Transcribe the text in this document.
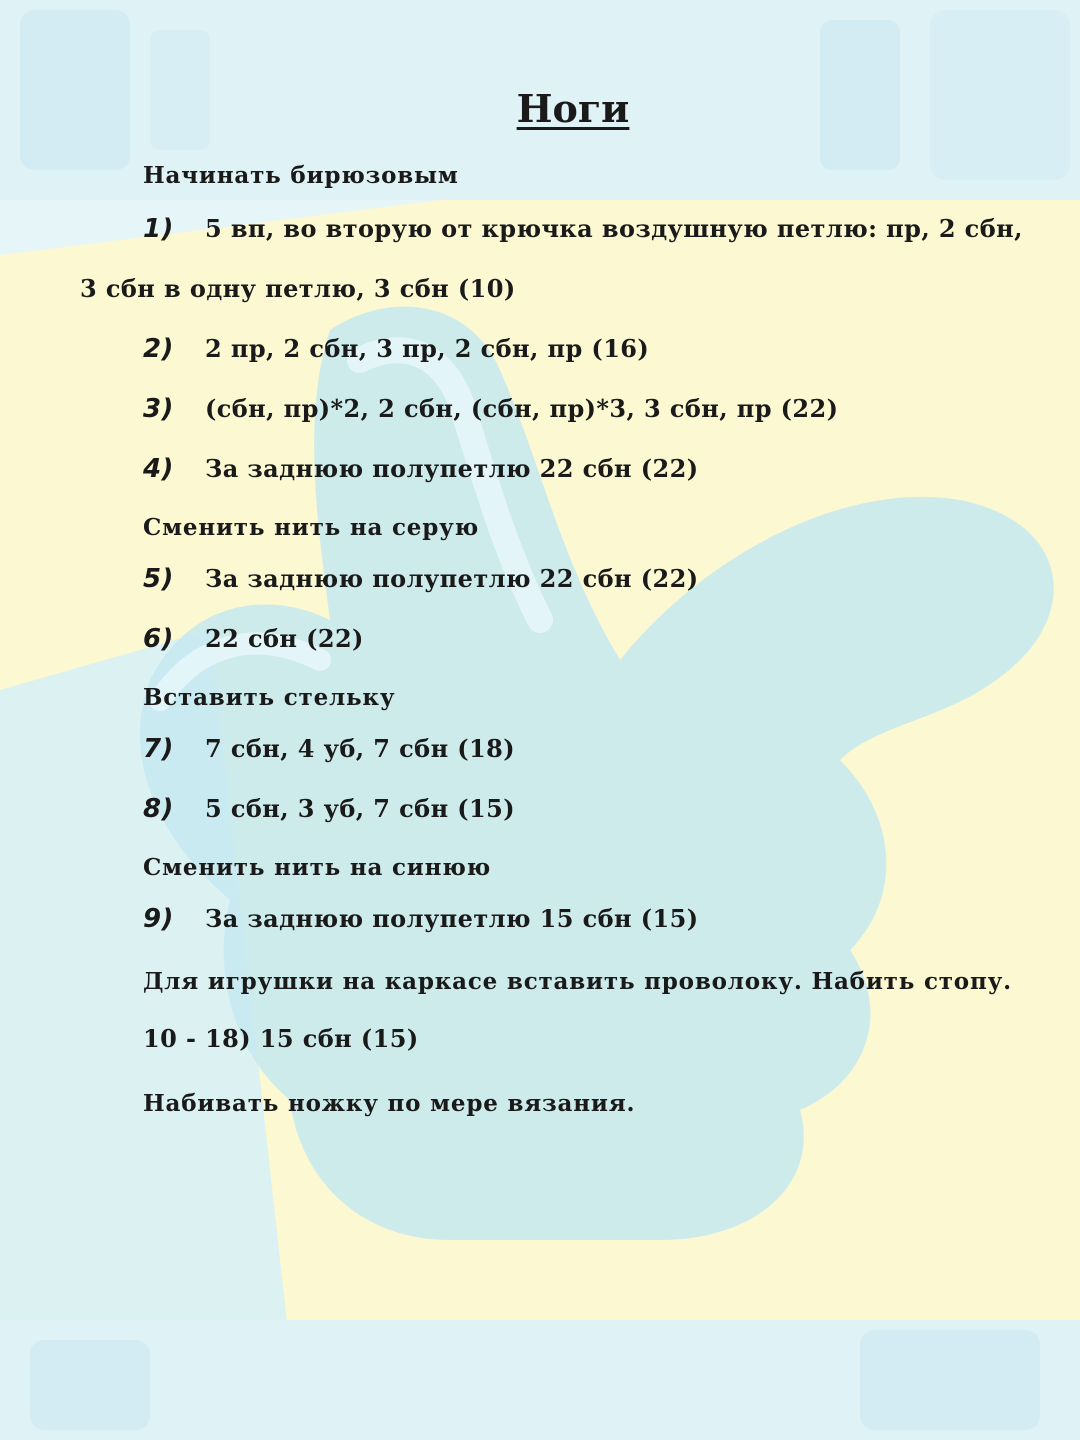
Ноги
Начинать бирюзовым
1) 5 вп, во вторую от крючка воздушную петлю: пр, 2 сбн,
3 сбн в одну петлю, 3 сбн (10)
2) 2 пр, 2 сбн, 3 пр, 2 сбн, пр (16)
3) (сбн, пр)*2, 2 сбн, (сбн, пр)*3, 3 сбн, пр (22)
4) За заднюю полупетлю 22 сбн (22)
Сменить нить на серую
5) За заднюю полупетлю 22 сбн (22)
6) 22 сбн (22)
Вставить стельку
7) 7 сбн, 4 уб, 7 сбн (18)
8) 5 сбн, 3 уб, 7 сбн (15)
Сменить нить на синюю
9) За заднюю полупетлю 15 сбн (15)
Для игрушки на каркасе вставить проволоку. Набить стопу.
10 - 18) 15 сбн (15)
Набивать ножку по мере вязания.
